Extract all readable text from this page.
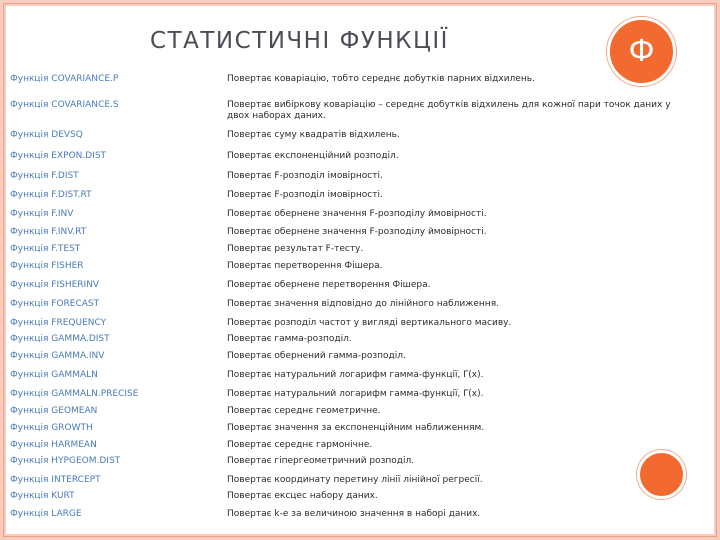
СТАТИСТИЧНІ ФУНКЦІЇ	Ф
Функція COVARIANCE.P	Повертає коваріацію, тобто середнє добутків парних відхилень.
Функція COVARIANCE.S	Повертає вибіркову коваріацію – середнє добутків відхилень для кожної пари точок даних у двох наборах даних.
Функція DEVSQ	Повертає суму квадратів відхилень.
Функція EXPON.DIST	Повертає експоненційний розподіл.
Функція F.DIST	Повертає F-розподіл імовірності.
Функція F.DIST.RT	Повертає F-розподіл імовірності.
Функція F.INV	Повертає обернене значення F-розподілу ймовірності.
Функція F.INV.RT	Повертає обернене значення F-розподілу ймовірності.
Функція F.TEST	Повертає результат F-тесту.
Функція FISHER	Повертає перетворення Фішера.
Функція FISHERINV	Повертає обернене перетворення Фішера.
Функція FORECAST	Повертає значення відповідно до лінійного наближення.
Функція FREQUENCY	Повертає розподіл частот у вигляді вертикального масиву.
Функція GAMMA.DIST	Повертає гамма-розподіл.
Функція GAMMA.INV	Повертає обернений гамма-розподіл.
Функція GAMMALN	Повертає натуральний логарифм гамма-функції, Γ(x).
Функція GAMMALN.PRECISE	Повертає натуральний логарифм гамма-функції, Γ(x).
Функція GEOMEAN	Повертає середнє геометричне.
Функція GROWTH	Повертає значення за експоненційним наближенням.
Функція HARMEAN	Повертає середнє гармонічне.
Функція HYPGEOM.DIST	Повертає гіпергеометричний розподіл.
Функція INTERCEPT	Повертає координату перетину лінії лінійної регресії.
Функція KURT	Повертає ексцес набору даних.
Функція LARGE	Повертає k-е за величиною значення в наборі даних.
